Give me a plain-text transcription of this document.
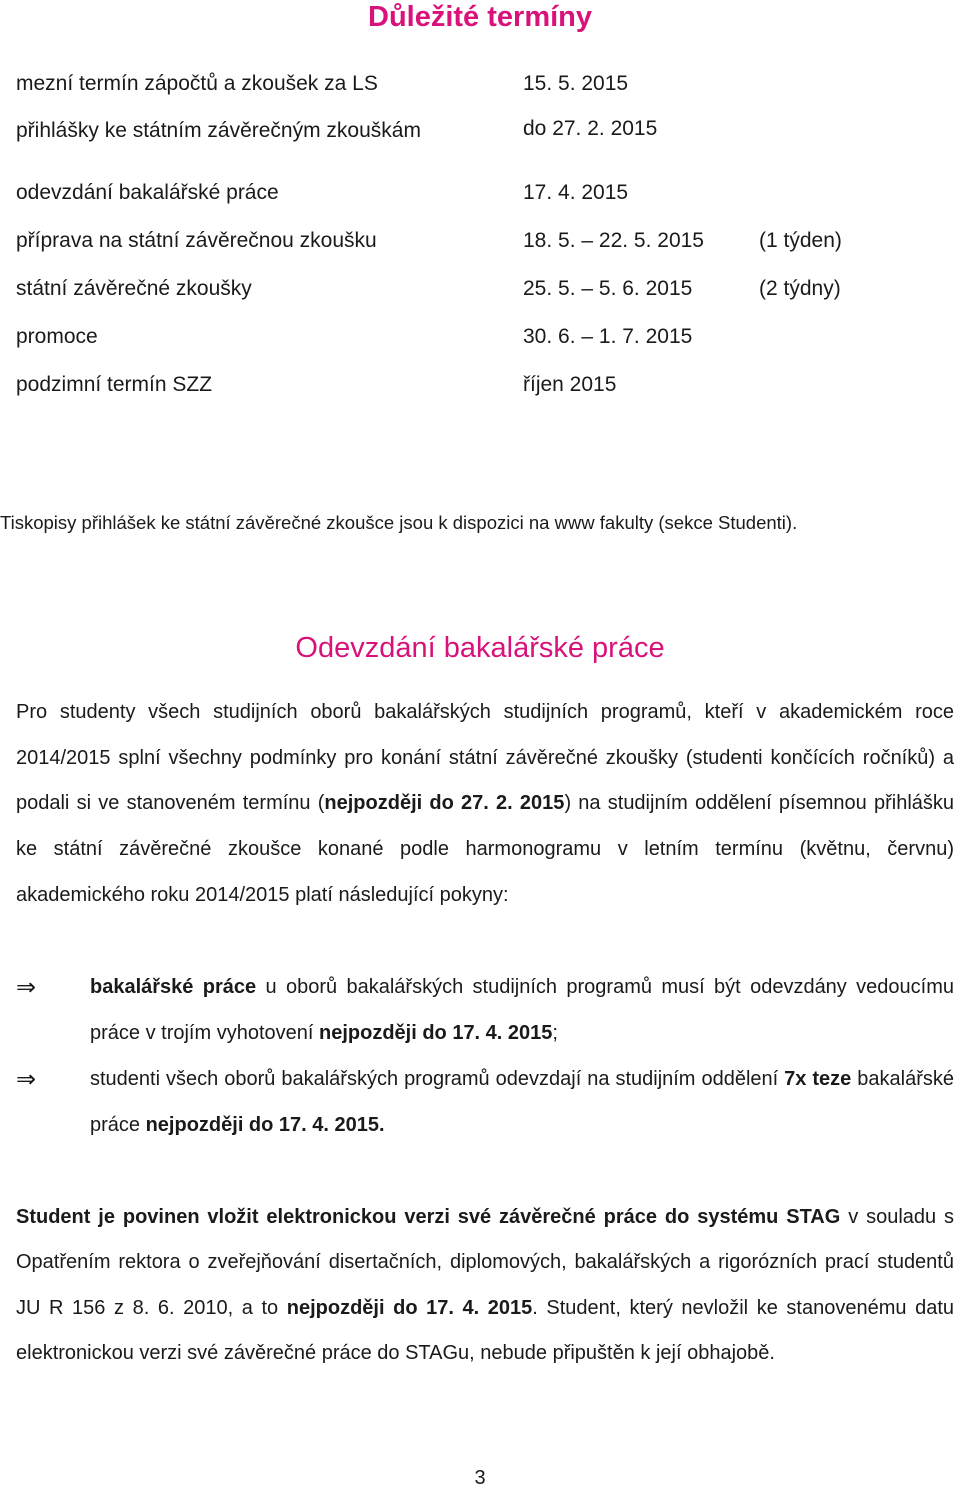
Důležité termíny
mezní termín zápočtů a zkoušek za LS	15. 5. 2015
přihlášky ke státním závěrečným zkouškám	do 27. 2. 2015
odevzdání bakalářské práce	17. 4. 2015
příprava na státní závěrečnou zkoušku	18. 5. – 22. 5. 2015	(1 týden)
státní závěrečné zkoušky	25. 5. – 5. 6. 2015	(2 týdny)
promoce	30. 6. – 1. 7. 2015
podzimní termín SZZ	říjen 2015
Tiskopisy přihlášek ke státní závěrečné zkoušce jsou k dispozici na www fakulty (sekce Studenti).
Odevzdání bakalářské práce
Pro studenty všech studijních oborů bakalářských studijních programů, kteří v akademickém roce 2014/2015 splní všechny podmínky pro konání státní závěrečné zkoušky (studenti končících ročníků) a podali si ve stanoveném termínu (nejpozději do 27. 2. 2015) na studijním oddělení písemnou přihlášku ke státní závěrečné zkoušce konané podle harmonogramu v letním termínu (květnu, červnu) akademického roku 2014/2015 platí následující pokyny:
⇒	bakalářské práce u oborů bakalářských studijních programů musí být odevzdány vedoucímu práce v trojím vyhotovení nejpozději do 17. 4. 2015;
⇒	studenti všech oborů bakalářských programů odevzdají na studijním oddělení 7x teze bakalářské práce nejpozději do 17. 4. 2015.
Student je povinen vložit elektronickou verzi své závěrečné práce do systému STAG v souladu s Opatřením rektora o zveřejňování disertačních, diplomových, bakalářských a rigorózních prací studentů JU R 156 z 8. 6. 2010, a to nejpozději do 17. 4. 2015. Student, který nevložil ke stanovenému datu elektronickou verzi své závěrečné práce do STAGu, nebude připuštěn k její obhajobě.
3
